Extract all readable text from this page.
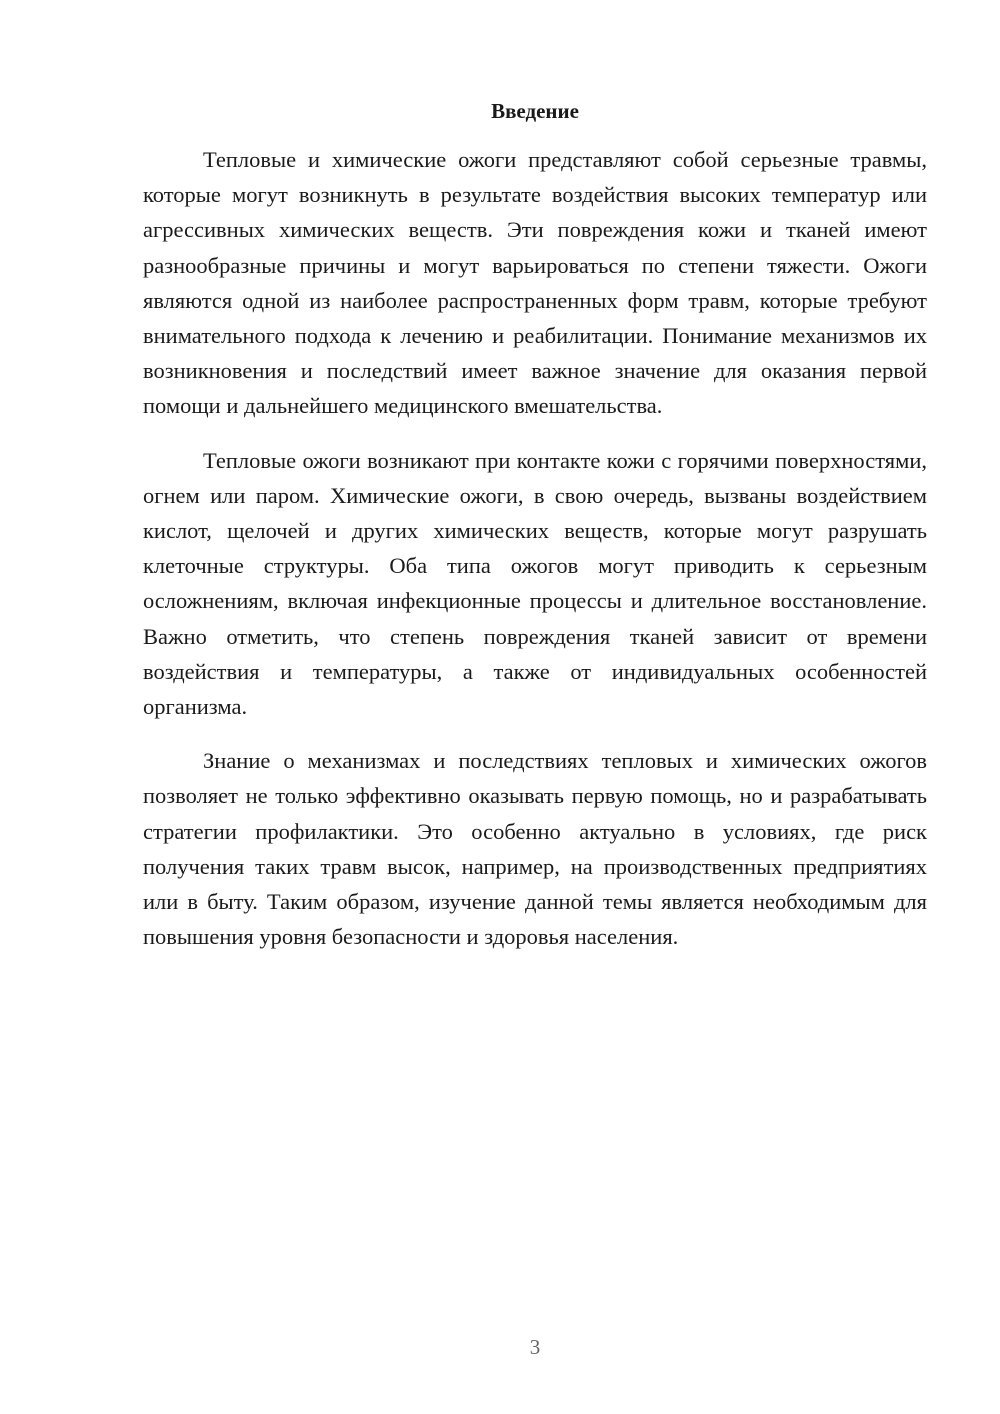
Введение

Тепловые и химические ожоги представляют собой серьезные травмы, которые могут возникнуть в результате воздействия высоких температур или агрессивных химических веществ. Эти повреждения кожи и тканей имеют разнообразные причины и могут варьироваться по степени тяжести. Ожоги являются одной из наиболее распространенных форм травм, которые требуют внимательного подхода к лечению и реабилитации. Понимание механизмов их возникновения и последствий имеет важное значение для оказания первой помощи и дальнейшего медицинского вмешательства.

Тепловые ожоги возникают при контакте кожи с горячими поверхностями, огнем или паром. Химические ожоги, в свою очередь, вызваны воздействием кислот, щелочей и других химических веществ, которые могут разрушать клеточные структуры. Оба типа ожогов могут приводить к серьезным осложнениям, включая инфекционные процессы и длительное восстановление. Важно отметить, что степень повреждения тканей зависит от времени воздействия и температуры, а также от индивидуальных особенностей организма.

Знание о механизмах и последствиях тепловых и химических ожогов позволяет не только эффективно оказывать первую помощь, но и разрабатывать стратегии профилактики. Это особенно актуально в условиях, где риск получения таких травм высок, например, на производственных предприятиях или в быту. Таким образом, изучение данной темы является необходимым для повышения уровня безопасности и здоровья населения.

3
